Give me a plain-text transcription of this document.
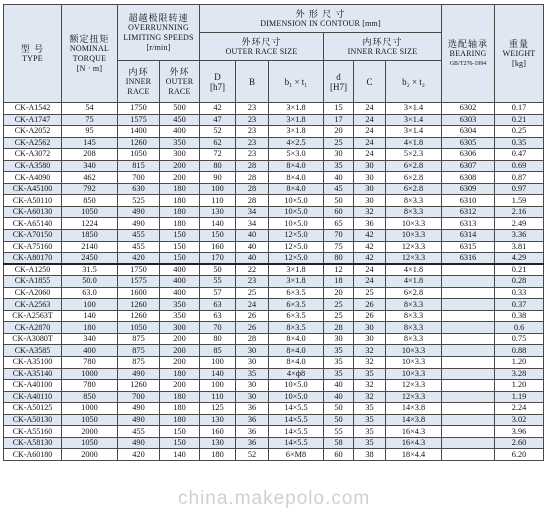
型 号
TYPE	额定扭矩
NOMINAL
TORQUE
[N · m]	超越极限转速
OVERRUNNING
LIMITING SPEEDS
[r/min]		外 形 尺 寸
DIMENSION IN CONTOUR [mm]						选配轴承
BEARING
GB/T276-1994	重量
WEIGHT
[kg]

				外环尺寸
OUTER RACE SIZE			内环尺寸
INNER RACE SIZE				

		内环
INNER
RACE	外环
OUTER
RACE	D
[h7]	B	b₁ × t₁	d
[H7]	C	b₂ × t₂		

CK-A1542	54	1750	500	42	23	3×1.8	15	24	3×1.4	6302	0.17
CK-A1747	75	1575	450	47	23	3×1.8	17	24	3×1.4	6303	0.21
CK-A2052	95	1400	400	52	23	3×1.8	20	24	3×1.4	6304	0.25
CK-A2562	145	1260	350	62	23	4×2.5	25	24	4×1.8	6305	0.35
CK-A3072	208	1050	300	72	23	5×3.0	30	24	5×2.3	6306	0.47
CK-A3580	340	815	200	80	28	8×4.0	35	30	6×2.8	6307	0.69
CK-A4090	462	700	200	90	28	8×4.0	40	30	6×2.8	6308	0.87
CK-A45100	792	630	180	100	28	8×4.0	45	30	6×2.8	6309	0.97
CK-A50110	850	525	180	110	28	10×5.0	50	30	8×3.3	6310	1.59
CK-A60130	1050	490	180	130	34	10×5.0	60	32	8×3.3	6312	2.16
CK-A65140	1224	490	180	140	34	10×5.0	65	36	10×3.3	6313	2.49
CK-A70150	1850	455	150	150	40	12×5.0	70	42	10×3.3	6314	3.36
CK-A75160	2140	455	150	160	40	12×5.0	75	42	12×3.3	6315	3.81
CK-A80170	2450	420	150	170	40	12×5.0	80	42	12×3.3	6316	4.29
CK-A1250	31.5	1750	400	50	22	3×1.8	12	24	4×1.8		0.21
CK-A1855	50.0	1575	400	55	23	3×1.8	18	24	4×1.8		0.28
CK-A2060	63.0	1600	400	57	25	6×3.5	20	25	6×2.8		0.33
CK-A2563	100	1260	350	63	24	6×3.5	25	26	8×3.3		0.37
CK-A2563T	140	1260	350	63	26	6×3.5	25	26	8×3.3		0.38
CK-A2870	180	1050	300	70	26	8×3.5	28	30	8×3.3		0.6
CK-A3080T	340	875	200	80	28	8×4.0	30	30	8×3.3		0.75
CK-A3585	400	875	200	85	30	8×4.0	35	32	10×3.3		0.88
CK-A35100	780	875	200	100	30	8×4.0	35	32	10×3.3		1.20
CK-A35140	1000	490	180	140	35	4×ф8	35	35	10×3.3		3.28
CK-A40100	780	1260	200	100	30	10×5.0	40	32	12×3.3		1.20
CK-A40110	850	700	180	110	30	10×5.0	40	32	12×3.3		1.19
CK-A50125	1000	490	180	125	36	14×5.5	50	35	14×3.8		2.24
CK-A50130	1050	490	180	130	36	14×5.5	50	35	14×3.8		3.02
CK-A55160	2000	455	150	160	36	14×5.5	55	35	16×4.3		3.96
CK-A58130	1050	490	150	130	36	14×5.5	58	35	16×4.3		2.60
CK-A60180	2000	420	140	180	52	6×M8	60	38	18×4.4		6.20
china.makepolo.com
